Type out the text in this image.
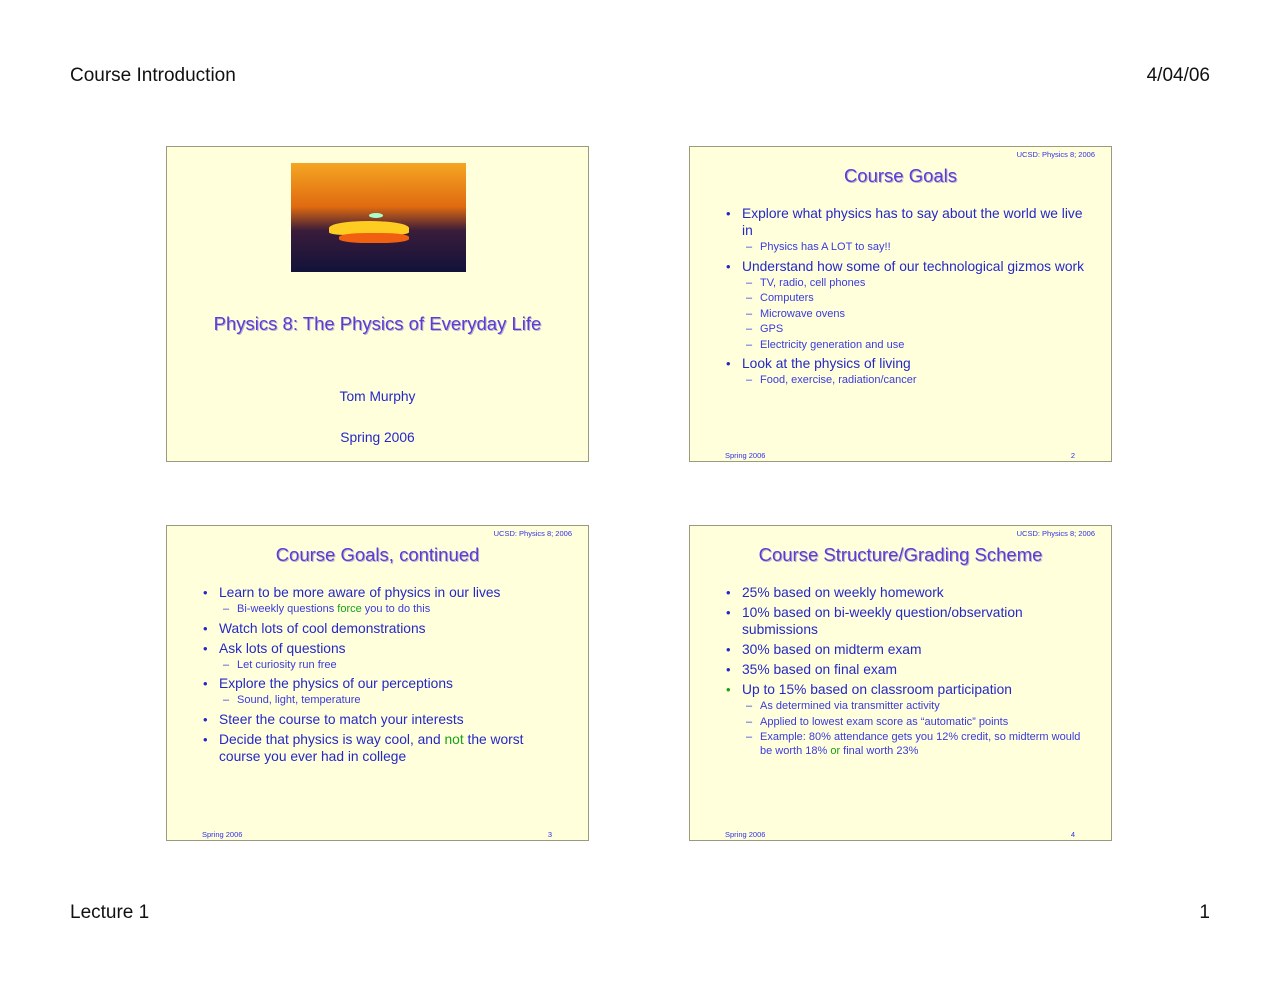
Course Introduction	4/04/06
Physics 8: The Physics of Everyday Life
Tom Murphy
Spring 2006
UCSD: Physics 8; 2006
Course Goals
• Explore what physics has to say about the world we live in
– Physics has A LOT to say!!
• Understand how some of our technological gizmos work
– TV, radio, cell phones
– Computers
– Microwave ovens
– GPS
– Electricity generation and use
• Look at the physics of living
– Food, exercise, radiation/cancer
Spring 2006	2
UCSD: Physics 8; 2006
Course Goals, continued
• Learn to be more aware of physics in our lives
– Bi-weekly questions force you to do this
• Watch lots of cool demonstrations
• Ask lots of questions
– Let curiosity run free
• Explore the physics of our perceptions
– Sound, light, temperature
• Steer the course to match your interests
• Decide that physics is way cool, and not the worst course you ever had in college
Spring 2006	3
UCSD: Physics 8; 2006
Course Structure/Grading Scheme
• 25% based on weekly homework
• 10% based on bi-weekly question/observation submissions
• 30% based on midterm exam
• 35% based on final exam
• Up to 15% based on classroom participation
– As determined via transmitter activity
– Applied to lowest exam score as “automatic” points
– Example: 80% attendance gets you 12% credit, so midterm would be worth 18% or final worth 23%
Spring 2006	4
Lecture 1	1
